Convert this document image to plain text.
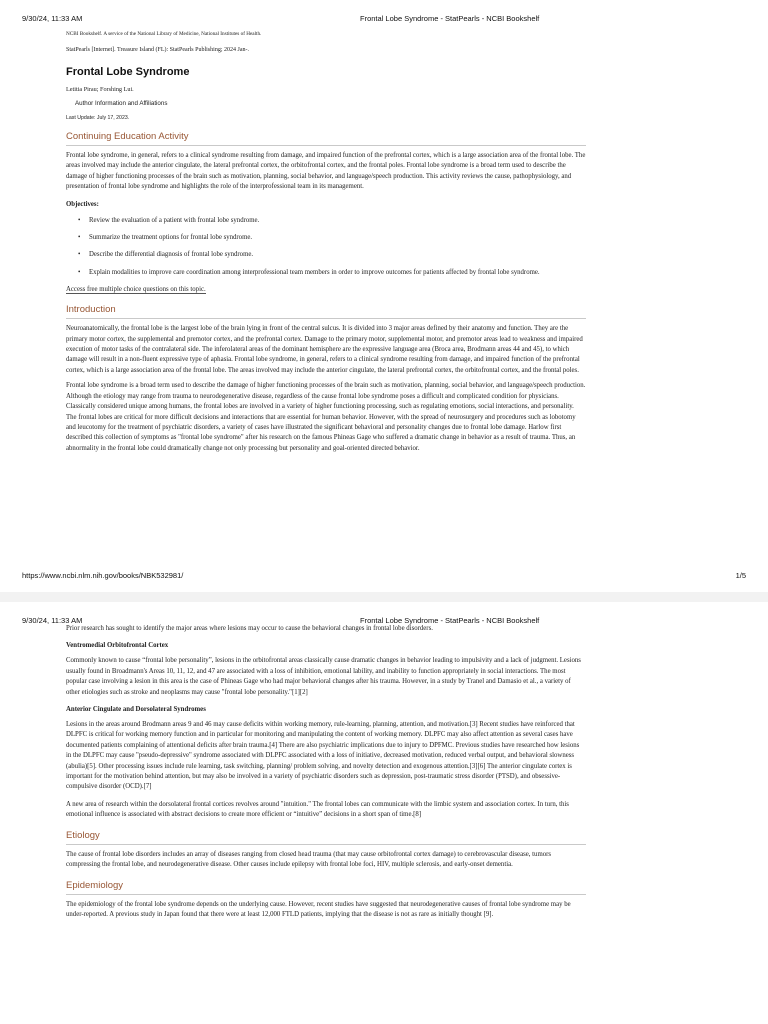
9/30/24, 11:33 AM	Frontal Lobe Syndrome - StatPearls - NCBI Bookshelf

NCBI Bookshelf. A service of the National Library of Medicine, National Institutes of Health.

StatPearls [Internet]. Treasure Island (FL): StatPearls Publishing; 2024 Jan-.

Frontal Lobe Syndrome

Letitia Pirau; Forshing Lui.

Author Information and Affiliations

Last Update: July 17, 2023.

Continuing Education Activity

Frontal lobe syndrome, in general, refers to a clinical syndrome resulting from damage, and impaired function of the prefrontal cortex, which is a large association area of the frontal lobe. The areas involved may include the anterior cingulate, the lateral prefrontal cortex, the orbitofrontal cortex, and the frontal poles. Frontal lobe syndrome is a broad term used to describe the damage of higher functioning processes of the brain such as motivation, planning, social behavior, and language/speech production. This activity reviews the cause, pathophysiology, and presentation of frontal lobe syndrome and highlights the role of the interprofessional team in its management.

Objectives:

• Review the evaluation of a patient with frontal lobe syndrome.
• Summarize the treatment options for frontal lobe syndrome.
• Describe the differential diagnosis of frontal lobe syndrome.
• Explain modalities to improve care coordination among interprofessional team members in order to improve outcomes for patients affected by frontal lobe syndrome.

Access free multiple choice questions on this topic.

Introduction

Neuroanatomically, the frontal lobe is the largest lobe of the brain lying in front of the central sulcus. It is divided into 3 major areas defined by their anatomy and function. They are the primary motor cortex, the supplemental and premotor cortex, and the prefrontal cortex. Damage to the primary motor, supplemental motor, and premotor areas lead to weakness and impaired execution of motor tasks of the contralateral side. The inferolateral areas of the dominant hemisphere are the expressive language area (Broca area, Brodmann areas 44 and 45), to which damage will result in a non-fluent expressive type of aphasia. Frontal lobe syndrome, in general, refers to a clinical syndrome resulting from damage, and impaired function of the prefrontal cortex, which is a large association area of the frontal lobe. The areas involved may include the anterior cingulate, the lateral prefrontal cortex, the orbitofrontal cortex, and the frontal poles.

Frontal lobe syndrome is a broad term used to describe the damage of higher functioning processes of the brain such as motivation, planning, social behavior, and language/speech production. Although the etiology may range from trauma to neurodegenerative disease, regardless of the cause frontal lobe syndrome poses a difficult and complicated condition for physicians. Classically considered unique among humans, the frontal lobes are involved in a variety of higher functioning processing, such as regulating emotions, social interactions, and personality. The frontal lobes are critical for more difficult decisions and interactions that are essential for human behavior. However, with the spread of neurosurgery and procedures such as lobotomy and leucotomy for the treatment of psychiatric disorders, a variety of cases have illustrated the significant behavioral and personality changes due to frontal lobe damage. Harlow first described this collection of symptoms as "frontal lobe syndrome" after his research on the famous Phineas Gage who suffered a dramatic change in behavior as a result of trauma. Thus, an abnormality in the frontal lobe could dramatically change not only processing but personality and goal-oriented directed behavior.

https://www.ncbi.nlm.nih.gov/books/NBK532981/	1/5
9/30/24, 11:33 AM	Frontal Lobe Syndrome - StatPearls - NCBI Bookshelf

Prior research has sought to identify the major areas where lesions may occur to cause the behavioral changes in frontal lobe disorders.

Ventromedial Orbitofrontal Cortex

Commonly known to cause “frontal lobe personality”, lesions in the orbitofrontal areas classically cause dramatic changes in behavior leading to impulsivity and a lack of judgment. Lesions usually found in Broadmann's Areas 10, 11, 12, and 47 are associated with a loss of inhibition, emotional lability, and inability to function appropriately in social interactions. The most popular case involving a lesion in this area is the case of Phineas Gage who had major behavioral changes after his trauma. However, in a study by Tranel and Damasio et al., a variety of other etiologies such as stroke and neoplasms may cause "frontal lobe personality."[1][2]

Anterior Cingulate and Dorsolateral Syndromes

Lesions in the areas around Brodmann areas 9 and 46 may cause deficits within working memory, rule-learning, planning, attention, and motivation.[3] Recent studies have reinforced that DLPFC is critical for working memory function and in particular for monitoring and manipulating the content of working memory. DLPFC may also affect attention as several cases have documented patients complaining of attentional deficits after brain trauma.[4] There are also psychiatric implications due to injury to DPFMC. Previous studies have researched how lesions in the DLPFC may cause "pseudo-depressive" syndrome associated with DLPFC associated with a loss of initiative, decreased motivation, reduced verbal output, and behavioral slowness (abulia)[5]. Other processing issues include rule learning, task switching, planning/ problem solving, and novelty detection and exogenous attention.[3][6] The anterior cingulate cortex is important for the motivation behind attention, but may also be involved in a variety of psychiatric disorders such as depression, post-traumatic stress disorder (PTSD), and obsessive-compulsive disorder (OCD).[7]

A new area of research within the dorsolateral frontal cortices revolves around "intuition." The frontal lobes can communicate with the limbic system and association cortex. In turn, this emotional influence is associated with abstract decisions to create more efficient or “intuitive” decisions in a short span of time.[8]

Etiology

The cause of frontal lobe disorders includes an array of diseases ranging from closed head trauma (that may cause orbitofrontal cortex damage) to cerebrovascular disease, tumors compressing the frontal lobe, and neurodegenerative disease. Other causes include epilepsy with frontal lobe foci, HIV, multiple sclerosis, and early-onset dementia.

Epidemiology

The epidemiology of the frontal lobe syndrome depends on the underlying cause. However, recent studies have suggested that neurodegenerative causes of frontal lobe syndrome may be under-reported. A previous study in Japan found that there were at least 12,000 FTLD patients, implying that the disease is not as rare as initially thought [9].
